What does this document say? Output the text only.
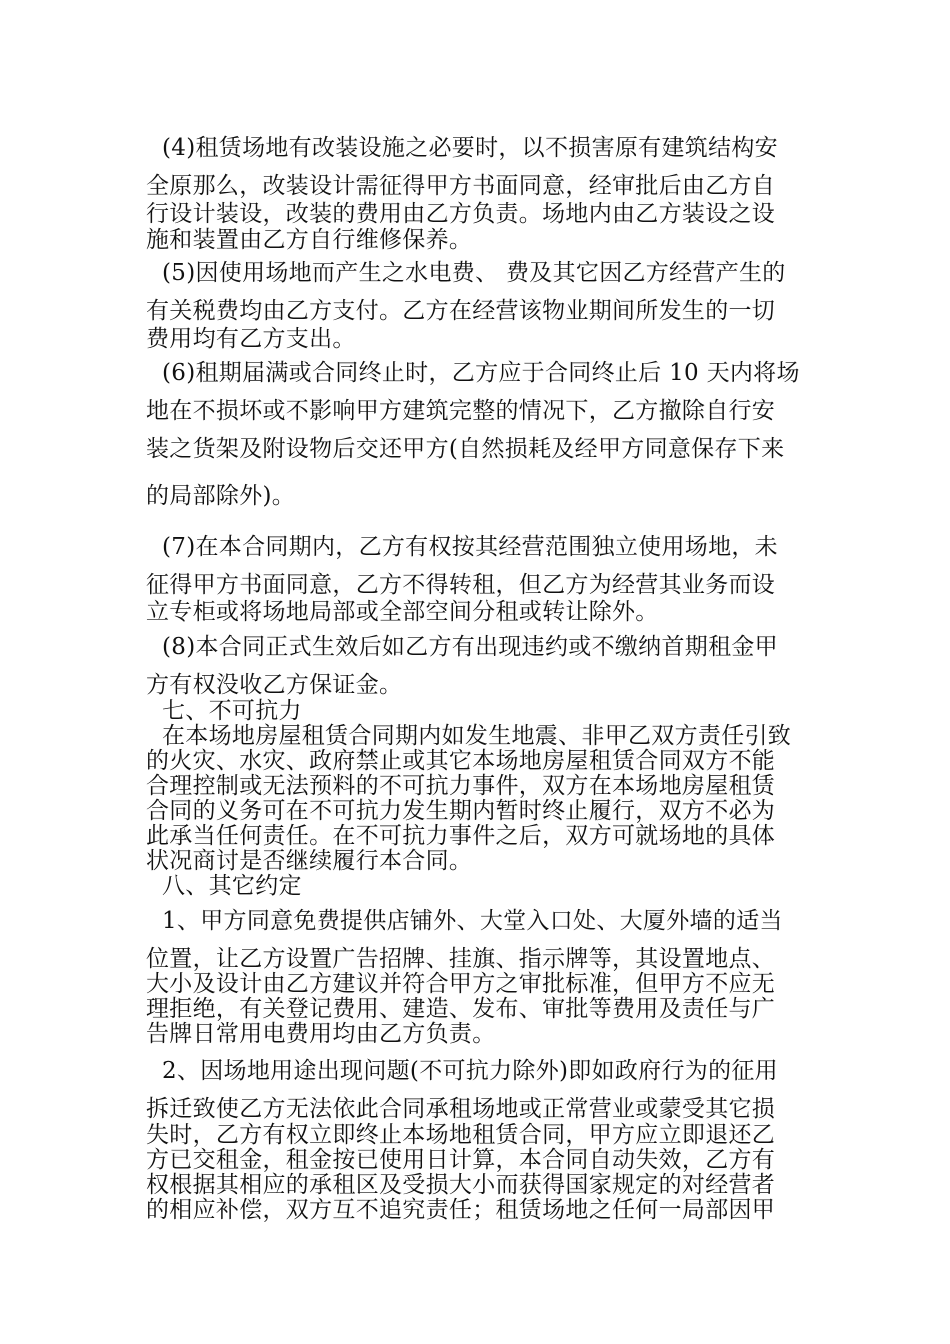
(4)租赁场地有改装设施之必要时，以不损害原有建筑结构安
全原那么，改装设计需征得甲方书面同意，经审批后由乙方自
行设计装设，改装的费用由乙方负责。场地内由乙方装设之设
施和装置由乙方自行维修保养。
(5)因使用场地而产生之水电费、 费及其它因乙方经营产生的
有关税费均由乙方支付。乙方在经营该物业期间所发生的一切
费用均有乙方支出。
(6)租期届满或合同终止时，乙方应于合同终止后 10 天内将场
地在不损坏或不影响甲方建筑完整的情况下，乙方撤除自行安
装之货架及附设物后交还甲方(自然损耗及经甲方同意保存下来
的局部除外)。
(7)在本合同期内，乙方有权按其经营范围独立使用场地，未
征得甲方书面同意，乙方不得转租，但乙方为经营其业务而设
立专柜或将场地局部或全部空间分租或转让除外。
(8)本合同正式生效后如乙方有出现违约或不缴纳首期租金甲
方有权没收乙方保证金。
七、不可抗力
在本场地房屋租赁合同期内如发生地震、非甲乙双方责任引致
的火灾、水灾、政府禁止或其它本场地房屋租赁合同双方不能
合理控制或无法预料的不可抗力事件，双方在本场地房屋租赁
合同的义务可在不可抗力发生期内暂时终止履行，双方不必为
此承当任何责任。在不可抗力事件之后，双方可就场地的具体
状况商讨是否继续履行本合同。
八、其它约定
1、甲方同意免费提供店铺外、大堂入口处、大厦外墙的适当
位置，让乙方设置广告招牌、挂旗、指示牌等，其设置地点、
大小及设计由乙方建议并符合甲方之审批标准，但甲方不应无
理拒绝，有关登记费用、建造、发布、审批等费用及责任与广
告牌日常用电费用均由乙方负责。
2、因场地用途出现问题(不可抗力除外)即如政府行为的征用
拆迁致使乙方无法依此合同承租场地或正常营业或蒙受其它损
失时，乙方有权立即终止本场地租赁合同，甲方应立即退还乙
方已交租金，租金按已使用日计算，本合同自动失效，乙方有
权根据其相应的承租区及受损大小而获得国家规定的对经营者
的相应补偿，双方互不追究责任；租赁场地之任何一局部因甲
